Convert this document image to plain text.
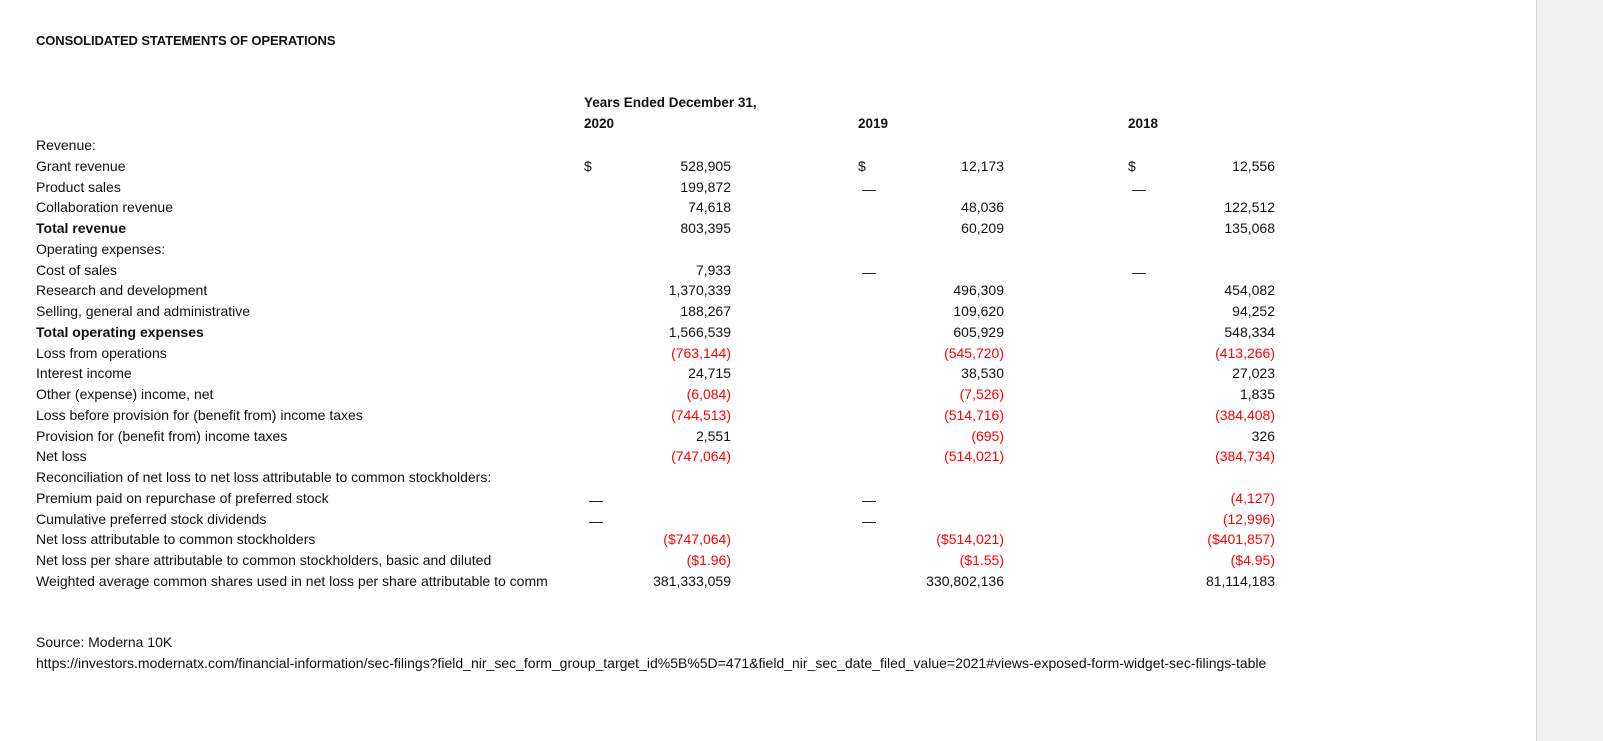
CONSOLIDATED STATEMENTS OF OPERATIONS
Years Ended December 31,
2020	2019	2018
Revenue:
Grant revenue	$	528,905	$	12,173	$	12,556
Product sales	199,872	—	—
Collaboration revenue	74,618	48,036	122,512
Total revenue	803,395	60,209	135,068
Operating expenses:
Cost of sales	7,933	—	—
Research and development	1,370,339	496,309	454,082
Selling, general and administrative	188,267	109,620	94,252
Total operating expenses	1,566,539	605,929	548,334
Loss from operations	(763,144)	(545,720)	(413,266)
Interest income	24,715	38,530	27,023
Other (expense) income, net	(6,084)	(7,526)	1,835
Loss before provision for (benefit from) income taxes	(744,513)	(514,716)	(384,408)
Provision for (benefit from) income taxes	2,551	(695)	326
Net loss	(747,064)	(514,021)	(384,734)
Reconciliation of net loss to net loss attributable to common stockholders:
Premium paid on repurchase of preferred stock	—	—	(4,127)
Cumulative preferred stock dividends	—	—	(12,996)
Net loss attributable to common stockholders	($747,064)	($514,021)	($401,857)
Net loss per share attributable to common stockholders, basic and diluted	($1.96)	($1.55)	($4.95)
Weighted average common shares used in net loss per share attributable to comm	381,333,059	330,802,136	81,114,183
Source: Moderna 10K
https://investors.modernatx.com/financial-information/sec-filings?field_nir_sec_form_group_target_id%5B%5D=471&field_nir_sec_date_filed_value=2021#views-exposed-form-widget-sec-filings-table
